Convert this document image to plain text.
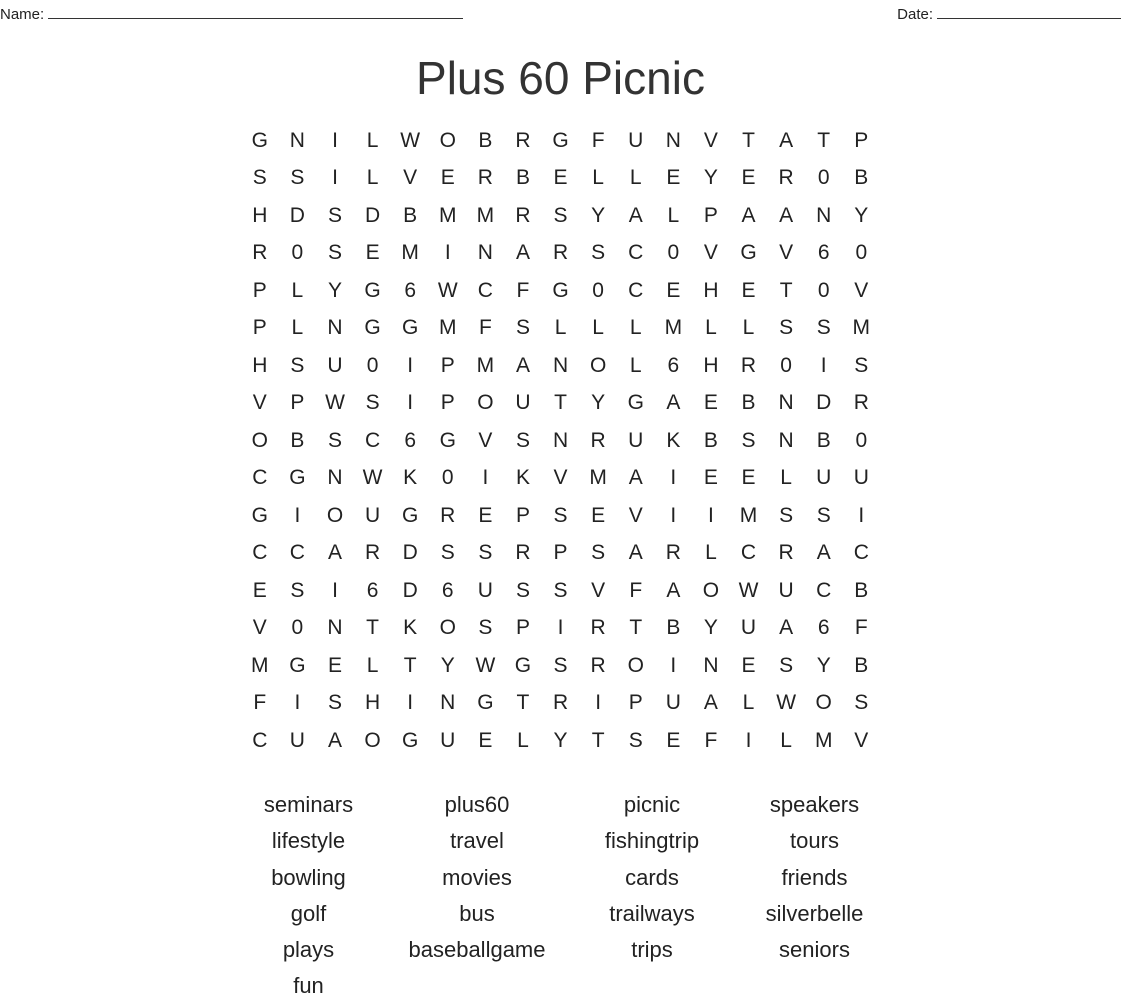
Name:	Date:
Plus 60 Picnic
G	N	I	L	W O	B	R	G	F	U	N	V	T	A	T	P
S	S	I	L	V	E	R	B	E	L	L	E	Y	E	R	0	B
H	D	S	D	B	M M	R	S	Y	A	L	P	A	A	N	Y
R	0	S	E	M	I	N	A	R	S	C	0	V	G	V	6	0
P	L	Y	G	6	W C	F	G	0	C	E	H	E	T	0	V
P	L	N	G	G M	F	S	L	L	L	M	L	L	S	S	M
H	S	U	0	I	P	M	A	N	O	L	6	H	R	0	I	S
V	P W S	I	P	O	U	T	Y	G	A	E	B	N	D	R
O	B	S	C	6	G	V	S	N	R	U	K	B	S	N	B	0
C	G	N W K	0	I	K	V	M	A	I	E	E	L	U	U
G	I	O	U	G	R	E	P	S	E	V	I	I	M	S	S	I
C	C	A	R	D	S	S	R	P	S	A	R	L	C	R	A	C
E	S	I	6	D	6	U	S	S	V	F	A	O W U	C	B
V	0	N	T	K	O	S	P	I	R	T	B	Y	U	A	6	F
M G	E	L	T	Y W G	S	R	O	I	N	E	S	Y	B
F	I	S	H	I	N	G	T	R	I	P	U	A	L	W O	S
C	U	A	O	G	U	E	L	Y	T	S	E	F	I	L	M	V
seminars	plus60	picnic	speakers
lifestyle	travel	fishingtrip	tours
bowling	movies	cards	friends
golf	bus	trailways	silverbelle
plays	baseballgame	trips	seniors
fun
